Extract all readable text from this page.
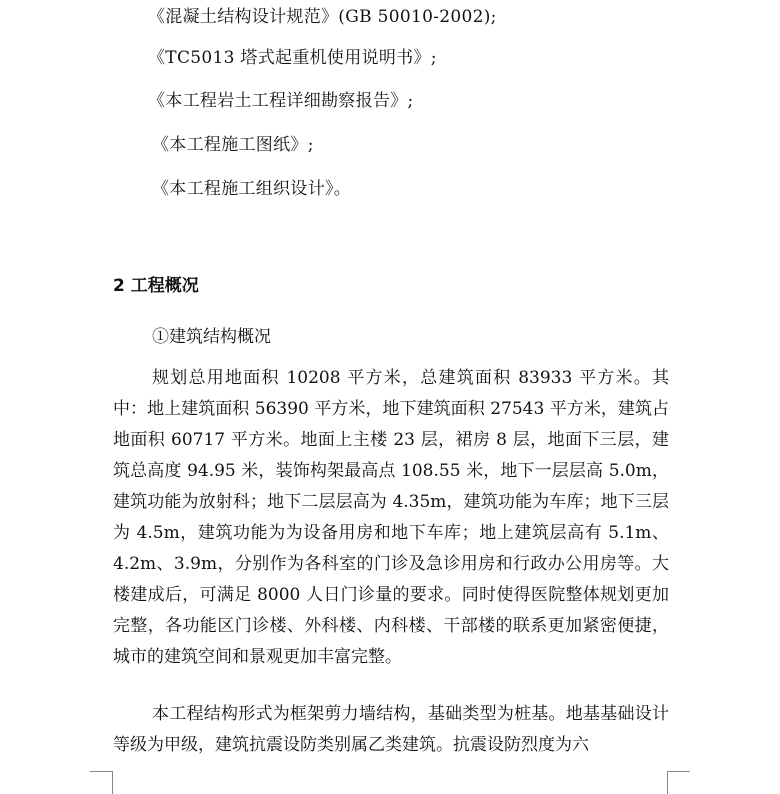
《混凝土结构设计规范》(GB 50010-2002);
《TC5013 塔式起重机使用说明书》;
《本工程岩土工程详细勘察报告》;
《本工程施工图纸》;
《本工程施工组织设计》。
2 工程概况
①建筑结构概况
规划总用地面积 10208 平方米，总建筑面积 83933 平方米。其中：地上建筑面积 56390 平方米，地下建筑面积 27543 平方米，建筑占地面积 60717 平方米。地面上主楼 23 层，裙房 8 层，地面下三层，建筑总高度 94.95 米，装饰构架最高点 108.55 米，地下一层层高 5.0m，建筑功能为放射科；地下二层层高为 4.35m，建筑功能为车库；地下三层为 4.5m，建筑功能为为设备用房和地下车库；地上建筑层高有 5.1m、4.2m、3.9m，分别作为各科室的门诊及急诊用房和行政办公用房等。大楼建成后，可满足 8000 人日门诊量的要求。同时使得医院整体规划更加完整，各功能区门诊楼、外科楼、内科楼、干部楼的联系更加紧密便捷，城市的建筑空间和景观更加丰富完整。
本工程结构形式为框架剪力墙结构，基础类型为桩基。地基基础设计等级为甲级，建筑抗震设防类别属乙类建筑。抗震设防烈度为六
